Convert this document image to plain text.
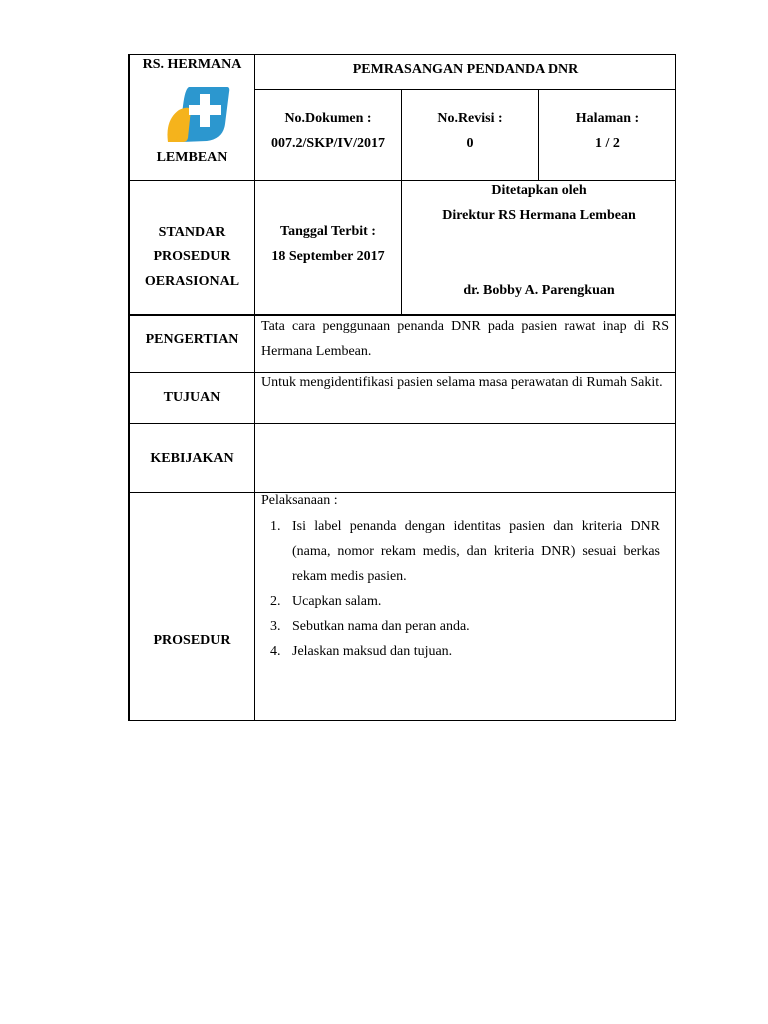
RS. HERMANA
LEMBEAN
PEMRASANGAN PENDANDA DNR
No.Dokumen :
007.2/SKP/IV/2017
No.Revisi :
0
Halaman :
1 / 2
STANDAR
PROSEDUR
OERASIONAL
Tanggal Terbit :
18 September 2017
Ditetapkan oleh
Direktur RS Hermana Lembean
dr. Bobby A. Parengkuan
PENGERTIAN
Tata cara penggunaan penanda DNR pada pasien rawat inap di RS Hermana Lembean.
TUJUAN
Untuk mengidentifikasi pasien selama masa perawatan di Rumah Sakit.
KEBIJAKAN
PROSEDUR
Pelaksanaan :
1. Isi label penanda dengan identitas pasien dan kriteria DNR (nama, nomor rekam medis, dan kriteria DNR) sesuai berkas rekam medis pasien.
2. Ucapkan salam.
3. Sebutkan nama dan peran anda.
4. Jelaskan maksud dan tujuan.
